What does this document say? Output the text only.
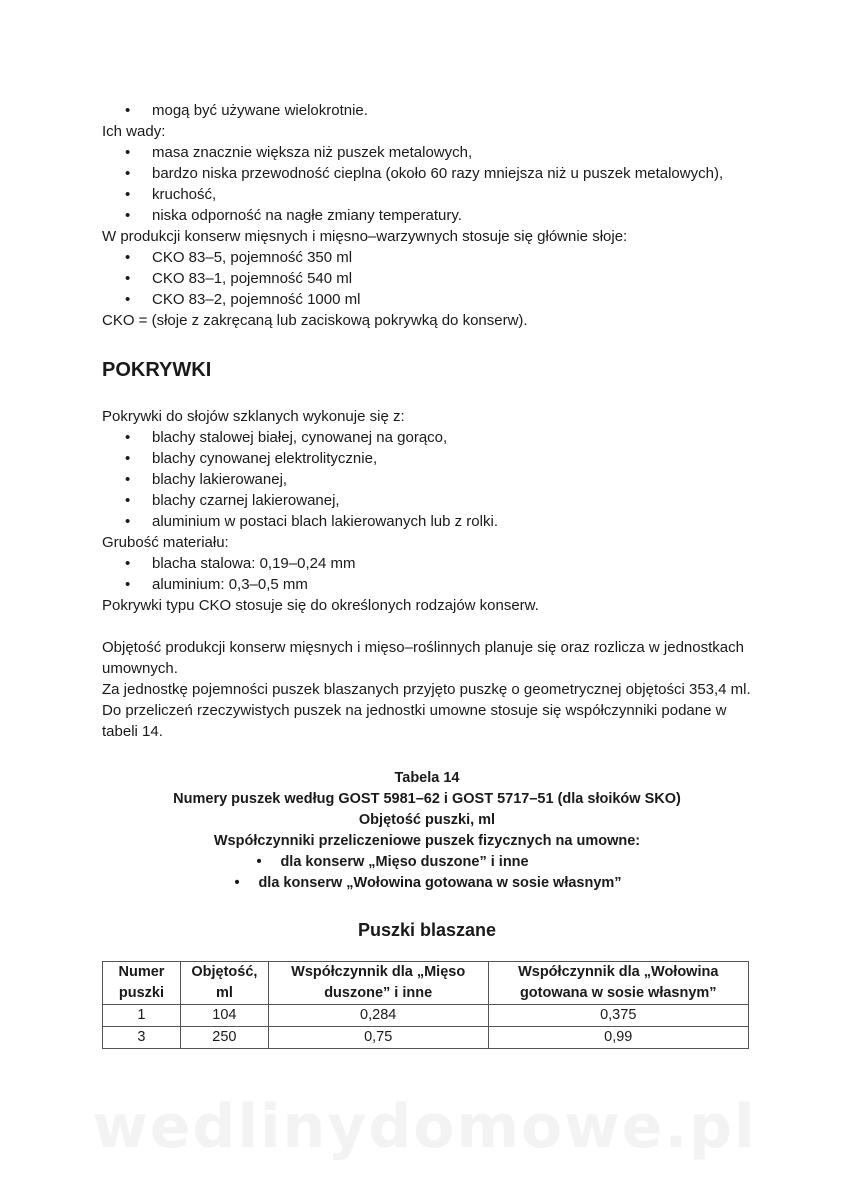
• mogą być używane wielokrotnie.

Ich wady:

• masa znacznie większa niż puszek metalowych,
• bardzo niska przewodność cieplna (około 60 razy mniejsza niż u puszek metalowych),
• kruchość,
• niska odporność na nagłe zmiany temperatury.

W produkcji konserw mięsnych i mięsno–warzywnych stosuje się głównie słoje:

• CKO 83–5, pojemność 350 ml
• CKO 83–1, pojemność 540 ml
• CKO 83–2, pojemność 1000 ml

CKO = (słoje z zakręcaną lub zaciskową pokrywką do konserw).

POKRYWKI

Pokrywki do słojów szklanych wykonuje się z:

• blachy stalowej białej, cynowanej na gorąco,
• blachy cynowanej elektrolitycznie,
• blachy lakierowanej,
• blachy czarnej lakierowanej,
• aluminium w postaci blach lakierowanych lub z rolki.

Grubość materiału:

• blacha stalowa: 0,19–0,24 mm
• aluminium: 0,3–0,5 mm

Pokrywki typu CKO stosuje się do określonych rodzajów konserw.

Objętość produkcji konserw mięsnych i mięso–roślinnych planuje się oraz rozlicza w jednostkach umownych.

Za jednostkę pojemności puszek blaszanych przyjęto puszkę o geometrycznej objętości 353,4 ml.

Do przeliczeń rzeczywistych puszek na jednostki umowne stosuje się współczynniki podane w tabeli 14.

Tabela 14

Numery puszek według GOST 5981–62 i GOST 5717–51 (dla słoików SKO)

Objętość puszki, ml

Współczynniki przeliczeniowe puszek fizycznych na umowne:

• dla konserw „Mięso duszone” i inne
• dla konserw „Wołowina gotowana w sosie własnym”
Puszki blaszane
Numer puszki	Objętość, ml	Współczynnik dla „Mięso duszone” i inne	Współczynnik dla „Wołowina gotowana w sosie własnym”
1	104	0,284	0,375
3	250	0,75	0,99
wedlinydomowe.pl
